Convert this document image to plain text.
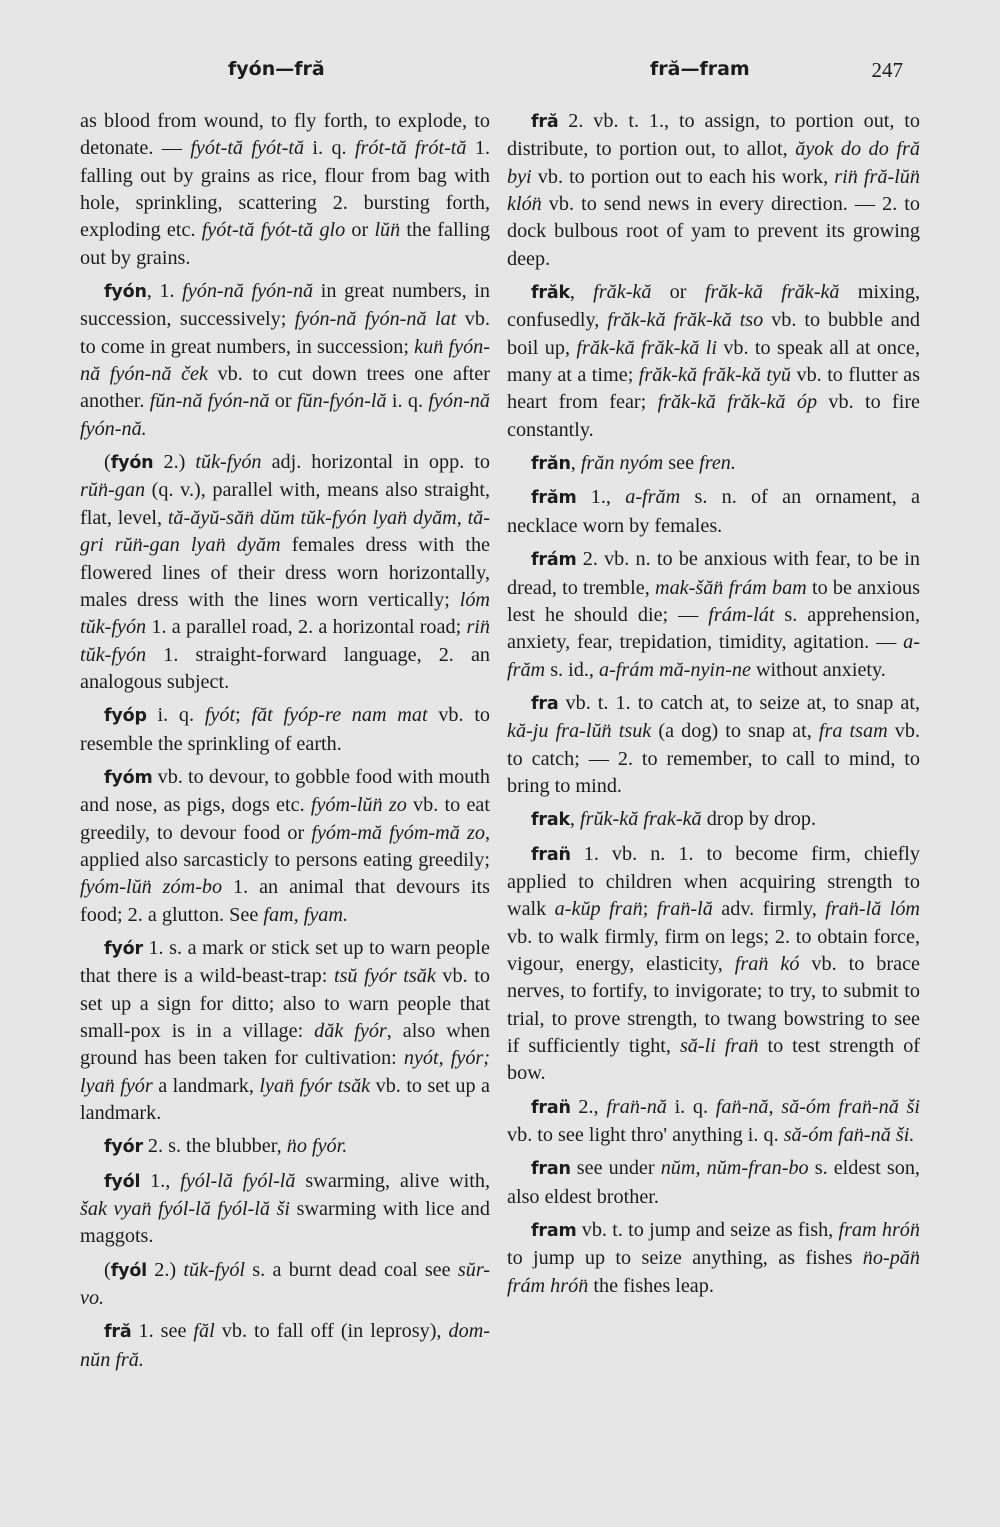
fyón—fră	fră—fram	247

as blood from wound, to fly forth, to explode, to detonate. — fyót-tă fyót-tă i. q. frót-tă frót-tă 1. falling out by grains as rice, flour from bag with hole, sprinkling, scattering 2. bursting forth, exploding etc. fyót-tă fyót-tă glo or lŭn̈ the falling out by grains.

fyón, 1. fyón-nă fyón-nă in great numbers, in succession, successively; fyón-nă fyón-nă lat vb. to come in great numbers, in succession; kun̈ fyón-nă fyón-nă ček vb. to cut down trees one after another. fŭn-nă fyón-nă or fŭn-fyón-lă i. q. fyón-nă fyón-nă.

(fyón 2.) tŭk-fyón adj. horizontal in opp. to rŭn̈-gan (q. v.), parallel with, means also straight, flat, level, tă-ăyŭ-săn̈ dŭm tŭk-fyón lyan̈ dyăm, tă-gri rŭn̈-gan lyan̈ dyăm females dress with the flowered lines of their dress worn horizontally, males dress with the lines worn vertically; lóm tŭk-fyón 1. a parallel road, 2. a horizontal road; rin̈ tŭk-fyón 1. straight-forward language, 2. an analogous subject.

fyóp i. q. fyót; făt fyóp-re nam mat vb. to resemble the sprinkling of earth.

fyóm vb. to devour, to gobble food with mouth and nose, as pigs, dogs etc. fyóm-lŭn̈ zo vb. to eat greedily, to devour food or fyóm-mă fyóm-mă zo, applied also sarcasticly to persons eating greedily; fyóm-lŭn̈ zóm-bo 1. an animal that devours its food; 2. a glutton. See fam, fyam.

fyór 1. s. a mark or stick set up to warn people that there is a wild-beast-trap: tsŭ fyór tsăk vb. to set up a sign for ditto; also to warn people that small-pox is in a village: dăk fyór, also when ground has been taken for cultivation: nyót, fyór; lyan̈ fyór a landmark, lyan̈ fyór tsăk vb. to set up a landmark.

fyór 2. s. the blubber, n̈o fyór.

fyól 1., fyól-lă fyól-lă swarming, alive with, šak vyan̈ fyól-lă fyól-lă ši swarming with lice and maggots.

(fyól 2.) tŭk-fyól s. a burnt dead coal see sŭr-vo.

fră 1. see făl vb. to fall off (in leprosy), dom-nŭn fră.

fră 2. vb. t. 1., to assign, to portion out, to distribute, to portion out, to allot, ăyok do do fră byi vb. to portion out to each his work, rin̈ fră-lŭn̈ klón̈ vb. to send news in every direction. — 2. to dock bulbous root of yam to prevent its growing deep.

frăk, frăk-kă or frăk-kă frăk-kă mixing, confusedly, frăk-kă frăk-kă tso vb. to bubble and boil up, frăk-kă frăk-kă li vb. to speak all at once, many at a time; frăk-kă frăk-kă tyŭ vb. to flutter as heart from fear; frăk-kă frăk-kă óp vb. to fire constantly.

frăn, frăn nyóm see fren.

frăm 1., a-frăm s. n. of an ornament, a necklace worn by females.

frám 2. vb. n. to be anxious with fear, to be in dread, to tremble, mak-šăn̈ frám bam to be anxious lest he should die; — frám-lát s. apprehension, anxiety, fear, trepidation, timidity, agitation. — a-frăm s. id., a-frám mă-nyin-ne without anxiety.

fra vb. t. 1. to catch at, to seize at, to snap at, kă-ju fra-lŭn̈ tsuk (a dog) to snap at, fra tsam vb. to catch; — 2. to remember, to call to mind, to bring to mind.

frak, frŭk-kă frak-kă drop by drop.

fran̈ 1. vb. n. 1. to become firm, chiefly applied to children when acquiring strength to walk a-kŭp fran̈; fran̈-lă adv. firmly, fran̈-lă lóm vb. to walk firmly, firm on legs; 2. to obtain force, vigour, energy, elasticity, fran̈ kó vb. to brace nerves, to fortify, to invigorate; to try, to submit to trial, to prove strength, to twang bowstring to see if sufficiently tight, să-li fran̈ to test strength of bow.

fran̈ 2., fran̈-nă i. q. fan̈-nă, să-óm fran̈-nă ši vb. to see light thro' anything i. q. să-óm fan̈-nă ši.

fran see under nŭm, nŭm-fran-bo s. eldest son, also eldest brother.

fram vb. t. to jump and seize as fish, fram hrón̈ to jump up to seize anything, as fishes n̈o-păn̈ frám hrón̈ the fishes leap.
